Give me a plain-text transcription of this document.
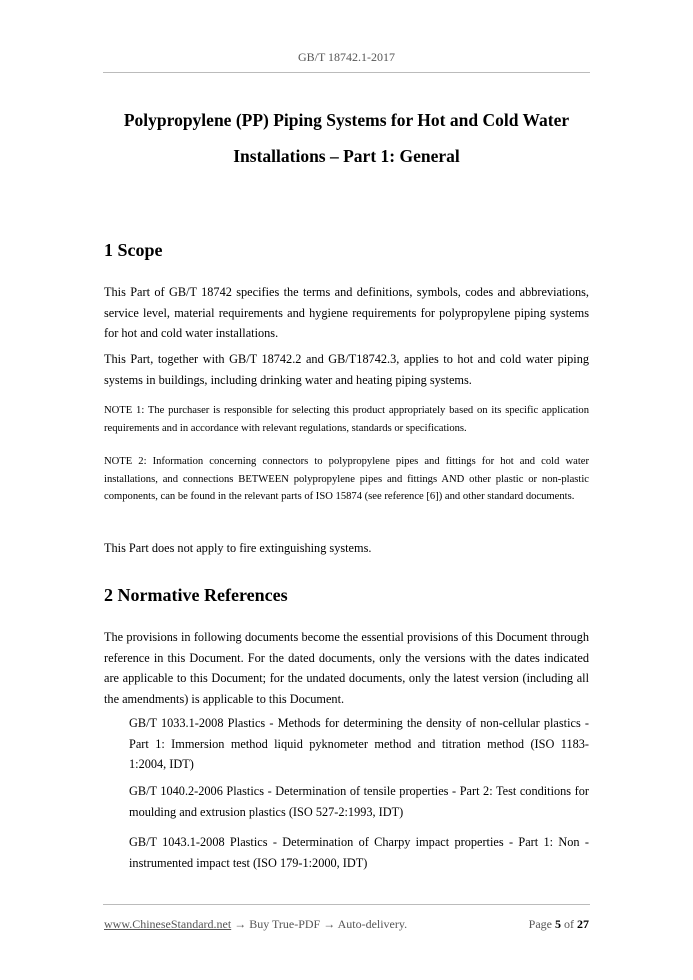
GB/T 18742.1-2017
Polypropylene (PP) Piping Systems for Hot and Cold Water
Installations – Part 1: General
1 Scope
This Part of GB/T 18742 specifies the terms and definitions, symbols, codes and abbreviations, service level, material requirements and hygiene requirements for polypropylene piping systems for hot and cold water installations.
This Part, together with GB/T 18742.2 and GB/T18742.3, applies to hot and cold water piping systems in buildings, including drinking water and heating piping systems.
NOTE 1: The purchaser is responsible for selecting this product appropriately based on its specific application requirements and in accordance with relevant regulations, standards or specifications.
NOTE 2: Information concerning connectors to polypropylene pipes and fittings for hot and cold water installations, and connections BETWEEN polypropylene pipes and fittings AND other plastic or non-plastic components, can be found in the relevant parts of ISO 15874 (see reference [6]) and other standard documents.
This Part does not apply to fire extinguishing systems.
2 Normative References
The provisions in following documents become the essential provisions of this Document through reference in this Document. For the dated documents, only the versions with the dates indicated are applicable to this Document; for the undated documents, only the latest version (including all the amendments) is applicable to this Document.
GB/T 1033.1-2008 Plastics - Methods for determining the density of non-cellular plastics - Part 1: Immersion method liquid pyknometer method and titration method (ISO 1183-1:2004, IDT)
GB/T 1040.2-2006 Plastics - Determination of tensile properties - Part 2: Test conditions for moulding and extrusion plastics (ISO 527-2:1993, IDT)
GB/T 1043.1-2008 Plastics - Determination of Charpy impact properties - Part 1: Non - instrumented impact test (ISO 179-1:2000, IDT)
www.ChineseStandard.net → Buy True-PDF → Auto-delivery.	Page 5 of 27
